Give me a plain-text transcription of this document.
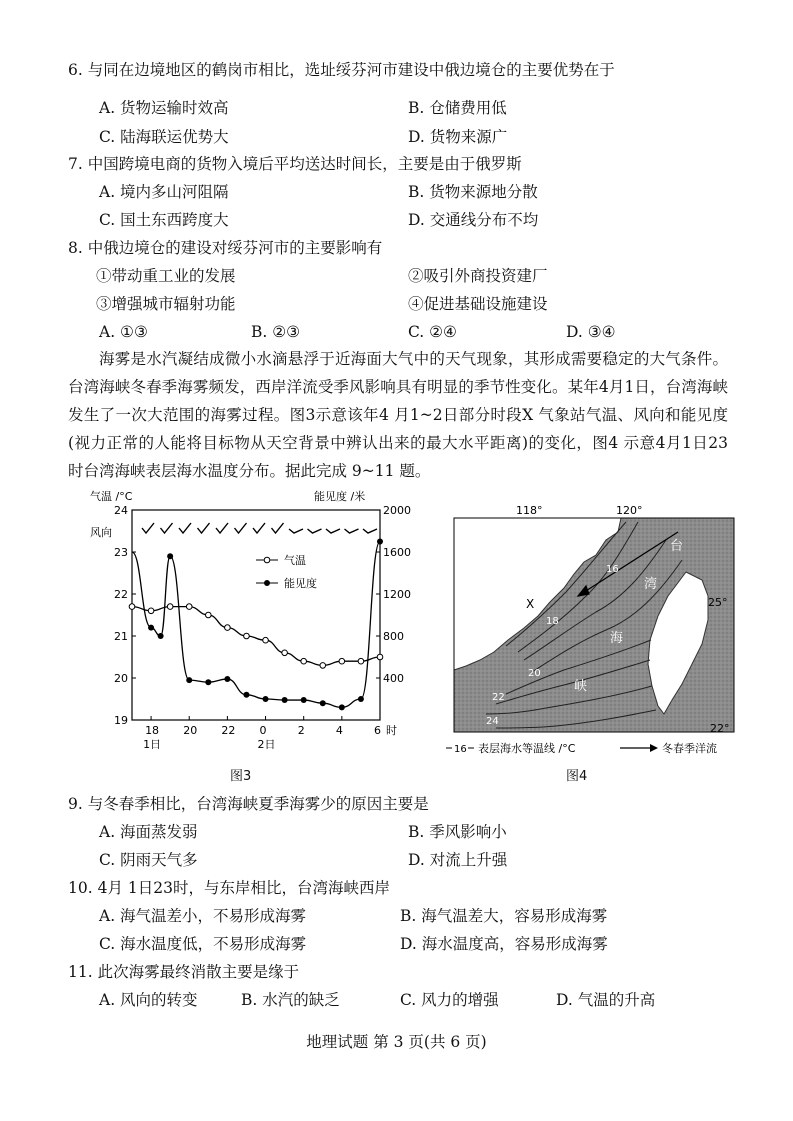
6. 与同在边境地区的鹤岗市相比，选址绥芬河市建设中俄边境仓的主要优势在于
A. 货物运输时效高	B. 仓储费用低
C. 陆海联运优势大	D. 货物来源广
7. 中国跨境电商的货物入境后平均送达时间长，主要是由于俄罗斯
A. 境内多山河阻隔	B. 货物来源地分散
C. 国土东西跨度大	D. 交通线分布不均
8. 中俄边境仓的建设对绥芬河市的主要影响有
①带动重工业的发展	②吸引外商投资建厂
③增强城市辐射功能	④促进基础设施建设
A. ①③	B. ②③	C. ②④	D. ③④
海雾是水汽凝结成微小水滴悬浮于近海面大气中的天气现象，其形成需要稳定的大气条件。台湾海峡冬春季海雾频发，西岸洋流受季风影响具有明显的季节性变化。某年4月1日，台湾海峡发生了一次大范围的海雾过程。图3示意该年4 月1~2日部分时段X 气象站气温、风向和能见度(视力正常的人能将目标物从天空背景中辨认出来的最大水平距离)的变化，图4 示意4月1日23 时台湾海峡表层海水温度分布。据此完成 9~11 题。
气温 /°C	能见度 /米
19
20
21
22
23
24
400
800
1200
1600
2000
18 20 22 0	2	4	6 时
1日	2日
风向
气温
能见度
图3
118°	120°
25°
22°
台
湾
海
峡
X
16
18
20
22
24
16 表层海水等温线 /°C	冬春季洋流
图4
9. 与冬春季相比，台湾海峡夏季海雾少的原因主要是
A. 海面蒸发弱	B. 季风影响小
C. 阴雨天气多	D. 对流上升强
10. 4月 1日23时，与东岸相比，台湾海峡西岸
A. 海气温差小，不易形成海雾	B. 海气温差大，容易形成海雾
C. 海水温度低，不易形成海雾	D. 海水温度高，容易形成海雾
11. 此次海雾最终消散主要是缘于
A. 风向的转变	B. 水汽的缺乏	C. 风力的增强	D. 气温的升高
地理试题 第 3 页(共 6 页)
